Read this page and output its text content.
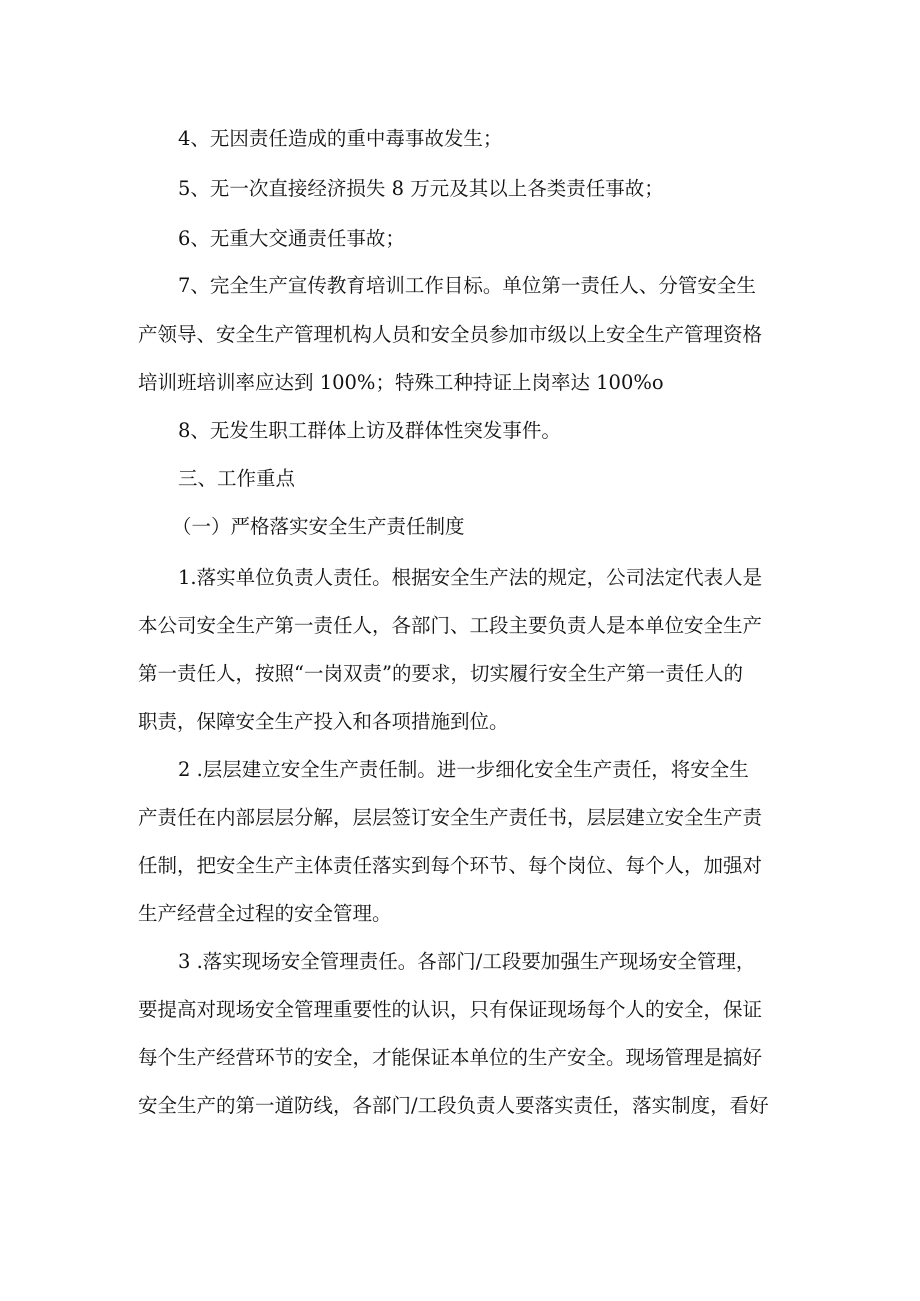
4、无因责任造成的重中毒事故发生；
5、无一次直接经济损失 8 万元及其以上各类责任事故；
6、无重大交通责任事故；
7、完全生产宣传教育培训工作目标。单位第一责任人、分管安全生
产领导、安全生产管理机构人员和安全员参加市级以上安全生产管理资格
培训班培训率应达到 100%；特殊工种持证上岗率达 100%o
8、无发生职工群体上访及群体性突发事件。
三、工作重点
（一）严格落实安全生产责任制度
1.落实单位负责人责任。根据安全生产法的规定，公司法定代表人是
本公司安全生产第一责任人，各部门、工段主要负责人是本单位安全生产
第一责任人，按照“一岗双责”的要求，切实履行安全生产第一责任人的
职责，保障安全生产投入和各项措施到位。
2 .层层建立安全生产责任制。进一步细化安全生产责任，将安全生
产责任在内部层层分解，层层签订安全生产责任书，层层建立安全生产责
任制，把安全生产主体责任落实到每个环节、每个岗位、每个人，加强对
生产经营全过程的安全管理。
3 .落实现场安全管理责任。各部门/工段要加强生产现场安全管理，
要提高对现场安全管理重要性的认识，只有保证现场每个人的安全，保证
每个生产经营环节的安全，才能保证本单位的生产安全。现场管理是搞好
安全生产的第一道防线，各部门/工段负责人要落实责任，落实制度，看好
